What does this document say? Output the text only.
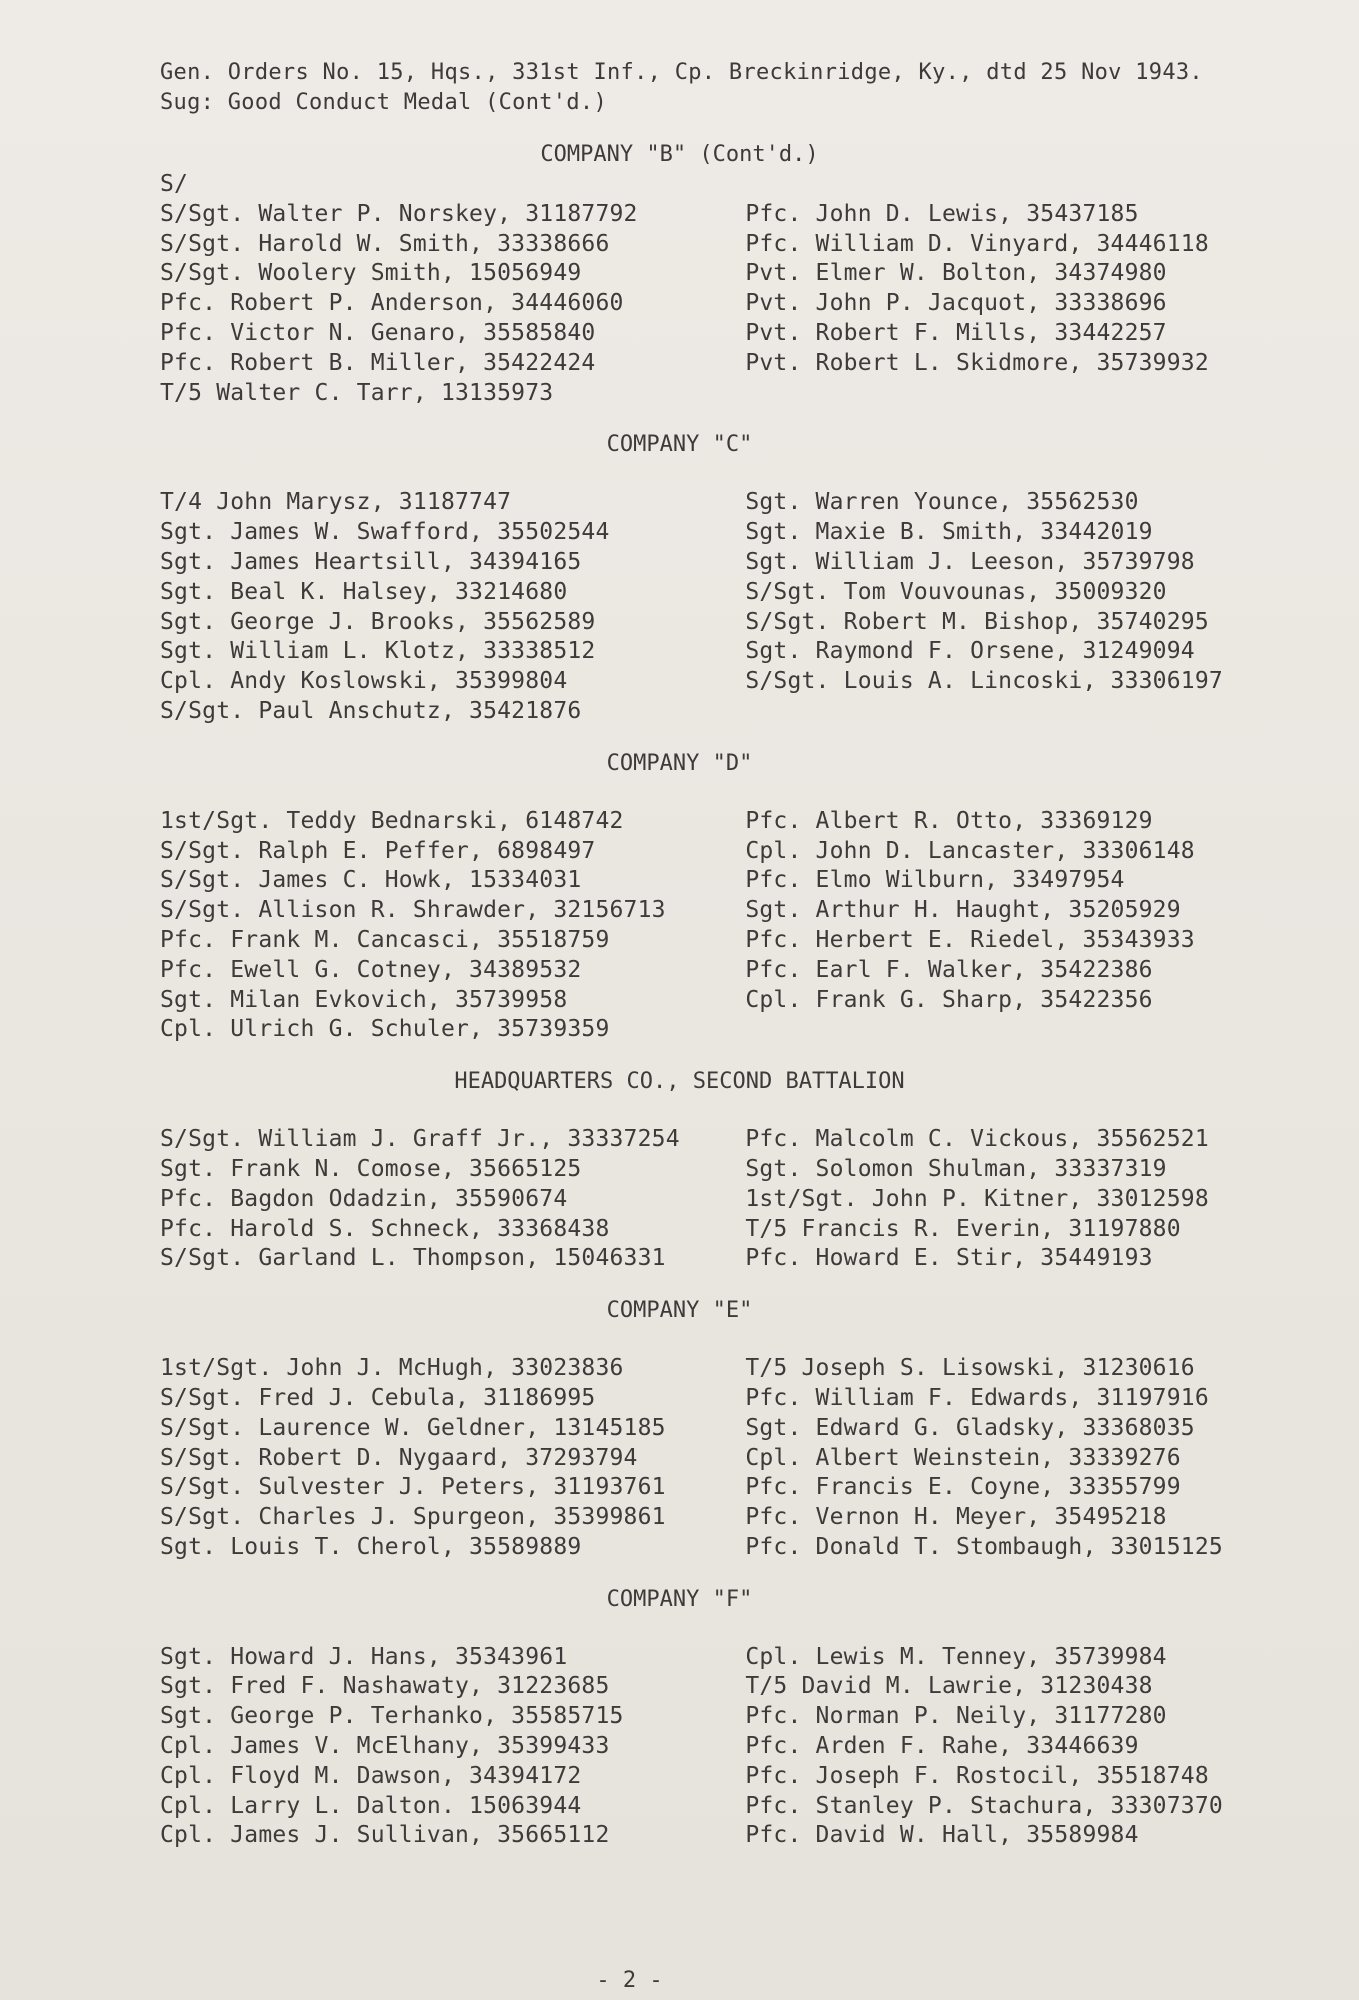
Gen. Orders No. 15, Hqs., 331st Inf., Cp. Breckinridge, Ky., dtd 25 Nov 1943.
Sug: Good Conduct Medal (Cont'd.)
COMPANY "B" (Cont'd.)
S/
S/Sgt. Walter P. Norskey, 31187792
S/Sgt. Harold W. Smith, 33338666
S/Sgt. Woolery Smith, 15056949
Pfc. Robert P. Anderson, 34446060
Pfc. Victor N. Genaro, 35585840
Pfc. Robert B. Miller, 35422424
T/5 Walter C. Tarr, 13135973
Pfc. John D. Lewis, 35437185
Pfc. William D. Vinyard, 34446118
Pvt. Elmer W. Bolton, 34374980
Pvt. John P. Jacquot, 33338696
Pvt. Robert F. Mills, 33442257
Pvt. Robert L. Skidmore, 35739932
COMPANY "C"
T/4 John Marysz, 31187747
Sgt. James W. Swafford, 35502544
Sgt. James Heartsill, 34394165
Sgt. Beal K. Halsey, 33214680
Sgt. George J. Brooks, 35562589
Sgt. William L. Klotz, 33338512
Cpl. Andy Koslowski, 35399804
S/Sgt. Paul Anschutz, 35421876
Sgt. Warren Younce, 35562530
Sgt. Maxie B. Smith, 33442019
Sgt. William J. Leeson, 35739798
S/Sgt. Tom Vouvounas, 35009320
S/Sgt. Robert M. Bishop, 35740295
Sgt. Raymond F. Orsene, 31249094
S/Sgt. Louis A. Lincoski, 33306197
COMPANY "D"
1st/Sgt. Teddy Bednarski, 6148742
S/Sgt. Ralph E. Peffer, 6898497
S/Sgt. James C. Howk, 15334031
S/Sgt. Allison R. Shrawder, 32156713
Pfc. Frank M. Cancasci, 35518759
Pfc. Ewell G. Cotney, 34389532
Sgt. Milan Evkovich, 35739958
Cpl. Ulrich G. Schuler, 35739359
Pfc. Albert R. Otto, 33369129
Cpl. John D. Lancaster, 33306148
Pfc. Elmo Wilburn, 33497954
Sgt. Arthur H. Haught, 35205929
Pfc. Herbert E. Riedel, 35343933
Pfc. Earl F. Walker, 35422386
Cpl. Frank G. Sharp, 35422356
HEADQUARTERS CO., SECOND BATTALION
S/Sgt. William J. Graff Jr., 33337254
Sgt. Frank N. Comose, 35665125
Pfc. Bagdon Odadzin, 35590674
Pfc. Harold S. Schneck, 33368438
S/Sgt. Garland L. Thompson, 15046331
Pfc. Malcolm C. Vickous, 35562521
Sgt. Solomon Shulman, 33337319
1st/Sgt. John P. Kitner, 33012598
T/5 Francis R. Everin, 31197880
Pfc. Howard E. Stir, 35449193
COMPANY "E"
1st/Sgt. John J. McHugh, 33023836
S/Sgt. Fred J. Cebula, 31186995
S/Sgt. Laurence W. Geldner, 13145185
S/Sgt. Robert D. Nygaard, 37293794
S/Sgt. Sulvester J. Peters, 31193761
S/Sgt. Charles J. Spurgeon, 35399861
Sgt. Louis T. Cherol, 35589889
T/5 Joseph S. Lisowski, 31230616
Pfc. William F. Edwards, 31197916
Sgt. Edward G. Gladsky, 33368035
Cpl. Albert Weinstein, 33339276
Pfc. Francis E. Coyne, 33355799
Pfc. Vernon H. Meyer, 35495218
Pfc. Donald T. Stombaugh, 33015125
COMPANY "F"
Sgt. Howard J. Hans, 35343961
Sgt. Fred F. Nashawaty, 31223685
Sgt. George P. Terhanko, 35585715
Cpl. James V. McElhany, 35399433
Cpl. Floyd M. Dawson, 34394172
Cpl. Larry L. Dalton. 15063944
Cpl. James J. Sullivan, 35665112
Cpl. Lewis M. Tenney, 35739984
T/5 David M. Lawrie, 31230438
Pfc. Norman P. Neily, 31177280
Pfc. Arden F. Rahe, 33446639
Pfc. Joseph F. Rostocil, 35518748
Pfc. Stanley P. Stachura, 33307370
Pfc. David W. Hall, 35589984
- 2 -
